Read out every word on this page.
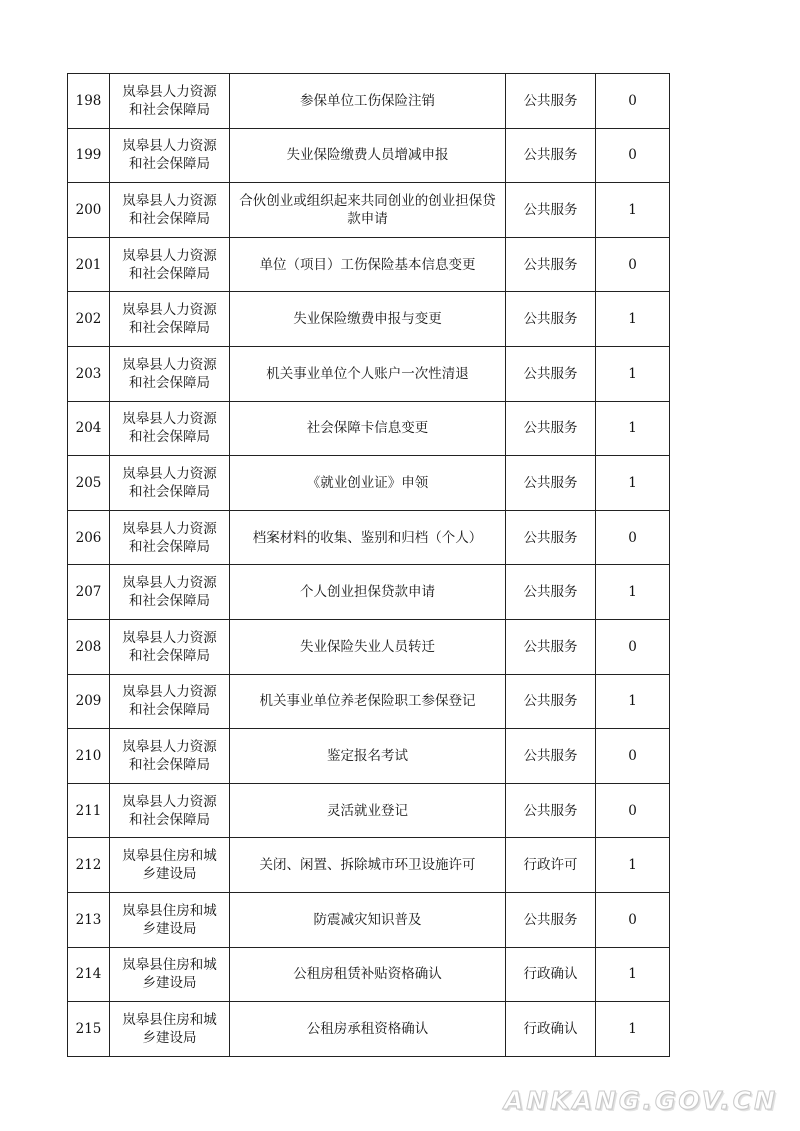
198	岚皋县人力资源和社会保障局	参保单位工伤保险注销	公共服务	0
199	岚皋县人力资源和社会保障局	失业保险缴费人员增减申报	公共服务	0
200	岚皋县人力资源和社会保障局	合伙创业或组织起来共同创业的创业担保贷款申请	公共服务	1
201	岚皋县人力资源和社会保障局	单位（项目）工伤保险基本信息变更	公共服务	0
202	岚皋县人力资源和社会保障局	失业保险缴费申报与变更	公共服务	1
203	岚皋县人力资源和社会保障局	机关事业单位个人账户一次性清退	公共服务	1
204	岚皋县人力资源和社会保障局	社会保障卡信息变更	公共服务	1
205	岚皋县人力资源和社会保障局	《就业创业证》申领	公共服务	1
206	岚皋县人力资源和社会保障局	档案材料的收集、鉴别和归档（个人）	公共服务	0
207	岚皋县人力资源和社会保障局	个人创业担保贷款申请	公共服务	1
208	岚皋县人力资源和社会保障局	失业保险失业人员转迁	公共服务	0
209	岚皋县人力资源和社会保障局	机关事业单位养老保险职工参保登记	公共服务	1
210	岚皋县人力资源和社会保障局	鉴定报名考试	公共服务	0
211	岚皋县人力资源和社会保障局	灵活就业登记	公共服务	0
212	岚皋县住房和城乡建设局	关闭、闲置、拆除城市环卫设施许可	行政许可	1
213	岚皋县住房和城乡建设局	防震减灾知识普及	公共服务	0
214	岚皋县住房和城乡建设局	公租房租赁补贴资格确认	行政确认	1
215	岚皋县住房和城乡建设局	公租房承租资格确认	行政确认	1
ANKANG.GOV.CN
